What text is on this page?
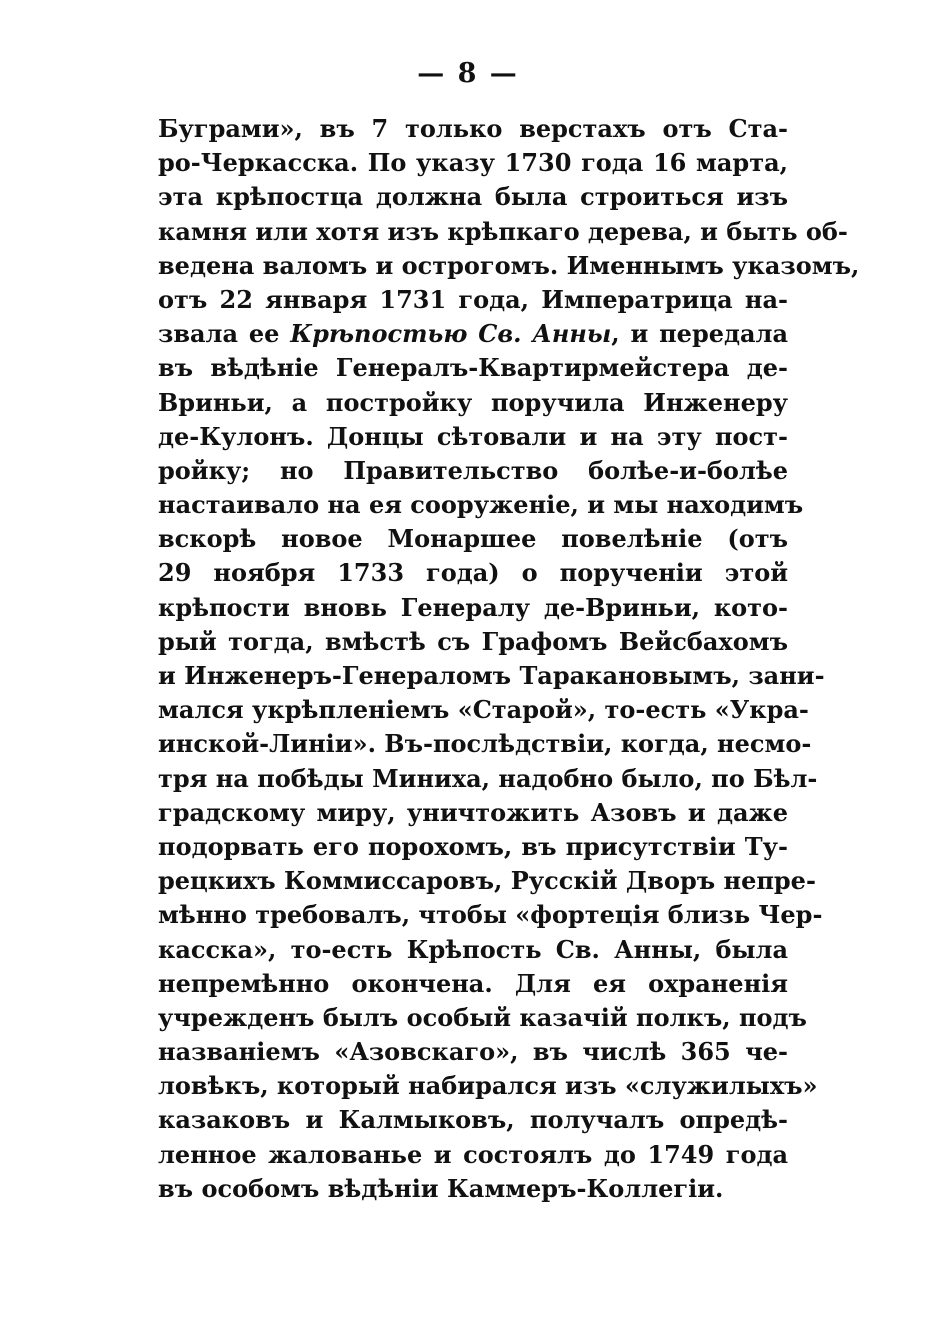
— 8 —
Буграми», въ 7 только верстахъ отъ Ста-
ро-Черкасска. По указу 1730 года 16 марта,
эта крѣпостца должна была строиться изъ
камня или хотя изъ крѣпкаго дерева, и быть об-
ведена валомъ и острогомъ. Именнымъ указомъ,
отъ 22 января 1731 года, Императрица на-
звала ее Крѣпостью Св. Анны, и передала
въ вѣдѣніе Генералъ-Квартирмейстера де-
Вриньи, а постройку поручила Инженеру
де-Кулонъ. Донцы сѣтовали и на эту пост-
ройку; но Правительство болѣе-и-болѣе
настаивало на ея сооруженіе, и мы находимъ
вскорѣ новое Монаршее повелѣніе (отъ
29 ноября 1733 года) о порученіи этой
крѣпости вновь Генералу де-Вриньи, кото-
рый тогда, вмѣстѣ съ Графомъ Вейсбахомъ
и Инженеръ-Генераломъ Таракановымъ, зани-
мался укрѣпленіемъ «Старой», то-есть «Укра-
инской-Линіи». Въ-послѣдствіи, когда, несмо-
тря на побѣды Миниха, надобно было, по Бѣл-
градскому миру, уничтожить Азовъ и даже
подорвать его порохомъ, въ присутствіи Ту-
рецкихъ Коммиссаровъ, Русскій Дворъ непре-
мѣнно требовалъ, чтобы «фортеція близь Чер-
касска», то-есть Крѣпость Св. Анны, была
непремѣнно окончена. Для ея охраненія
учрежденъ былъ особый казачій полкъ, подъ
названіемъ «Азовскаго», въ числѣ 365 че-
ловѣкъ, который набирался изъ «служилыхъ»
казаковъ и Калмыковъ, получалъ опредѣ-
ленное жалованье и состоялъ до 1749 года
въ особомъ вѣдѣніи Каммеръ-Коллегіи.
